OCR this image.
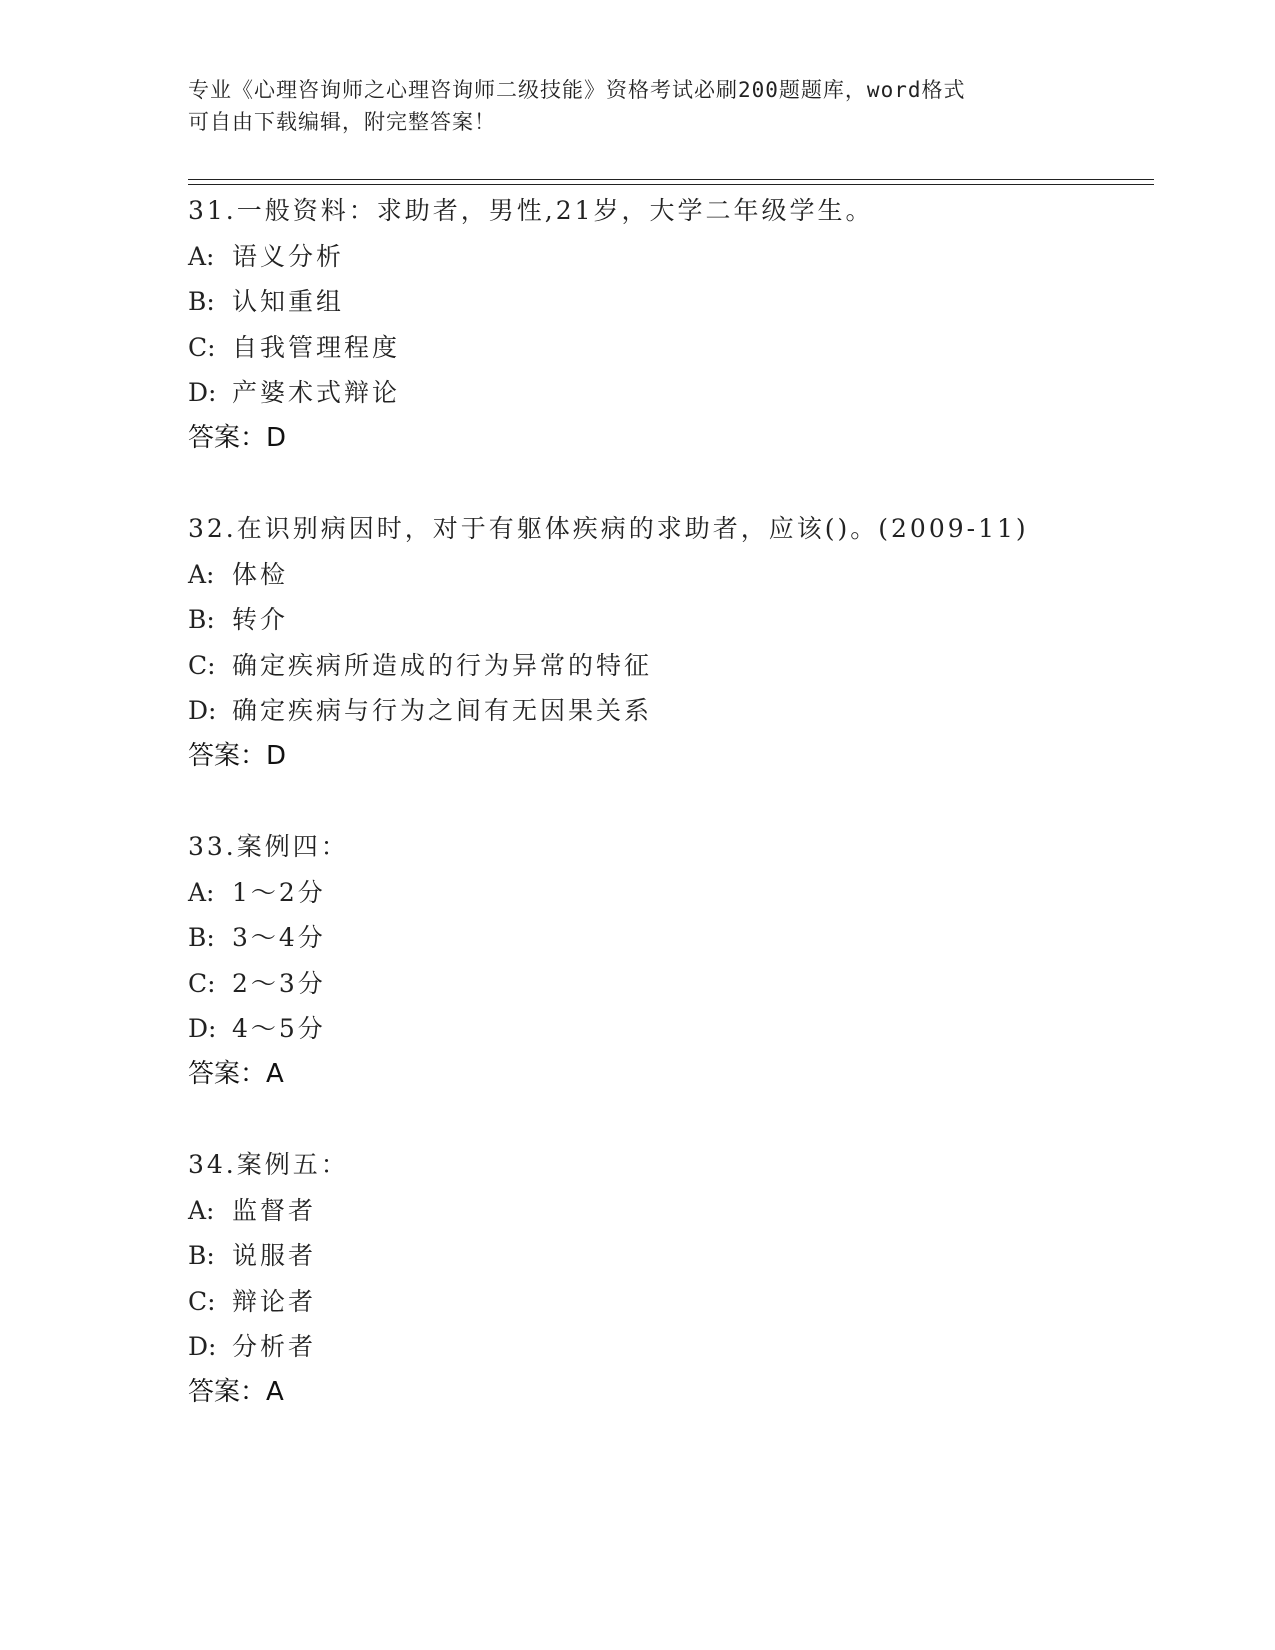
专业《心理咨询师之心理咨询师二级技能》资格考试必刷200题题库，word格式
可自由下载编辑，附完整答案！
31.一般资料：求助者，男性,21岁，大学二年级学生。
A: 语义分析
B: 认知重组
C: 自我管理程度
D: 产婆术式辩论
答案：D
32.在识别病因时，对于有躯体疾病的求助者，应该()。(2009-11)
A: 体检
B: 转介
C: 确定疾病所造成的行为异常的特征
D: 确定疾病与行为之间有无因果关系
答案：D
33.案例四：
A: 1～2分
B: 3～4分
C: 2～3分
D: 4～5分
答案：A
34.案例五：
A: 监督者
B: 说服者
C: 辩论者
D: 分析者
答案：A
